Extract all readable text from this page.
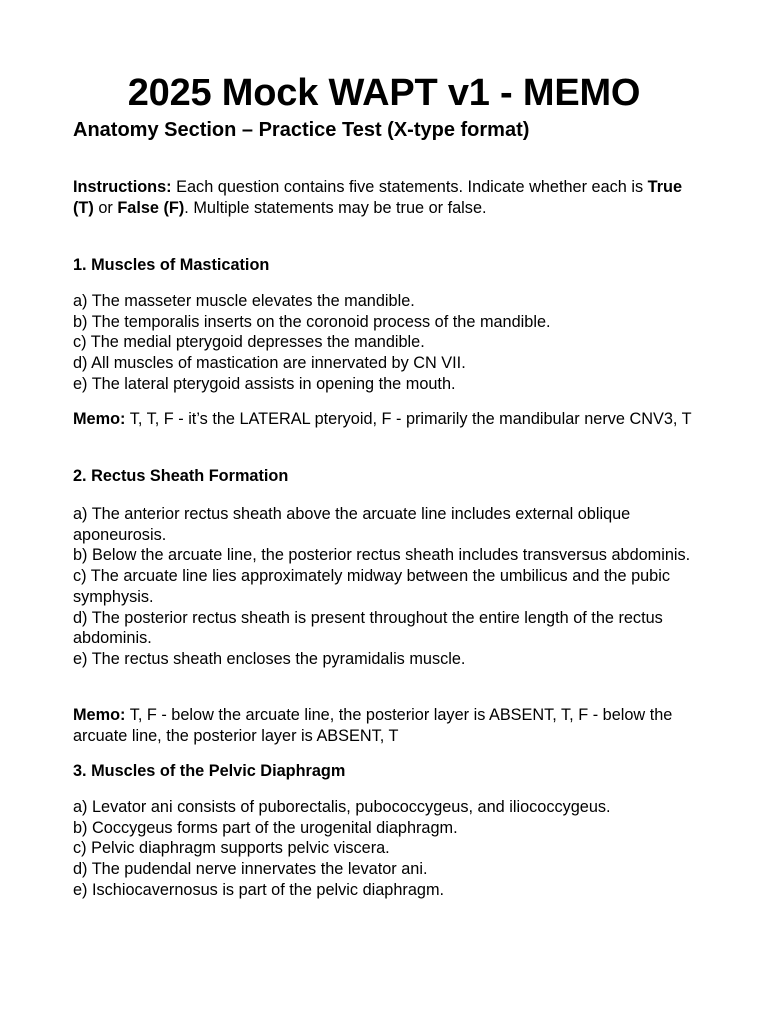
2025 Mock WAPT v1 - MEMO
Anatomy Section – Practice Test (X-type format)

Instructions: Each question contains five statements. Indicate whether each is True (T) or False (F). Multiple statements may be true or false.

1. Muscles of Mastication

a) The masseter muscle elevates the mandible.
b) The temporalis inserts on the coronoid process of the mandible.
c) The medial pterygoid depresses the mandible.
d) All muscles of mastication are innervated by CN VII.
e) The lateral pterygoid assists in opening the mouth.

Memo: T, T, F - it’s the LATERAL pteryoid, F - primarily the mandibular nerve CNV3, T

2. Rectus Sheath Formation

a) The anterior rectus sheath above the arcuate line includes external oblique aponeurosis.
b) Below the arcuate line, the posterior rectus sheath includes transversus abdominis.
c) The arcuate line lies approximately midway between the umbilicus and the pubic symphysis.
d) The posterior rectus sheath is present throughout the entire length of the rectus abdominis.
e) The rectus sheath encloses the pyramidalis muscle.

Memo: T, F - below the arcuate line, the posterior layer is ABSENT, T, F - below the arcuate line, the posterior layer is ABSENT, T

3. Muscles of the Pelvic Diaphragm

a) Levator ani consists of puborectalis, pubococcygeus, and iliococcygeus.
b) Coccygeus forms part of the urogenital diaphragm.
c) Pelvic diaphragm supports pelvic viscera.
d) The pudendal nerve innervates the levator ani.
e) Ischiocavernosus is part of the pelvic diaphragm.
